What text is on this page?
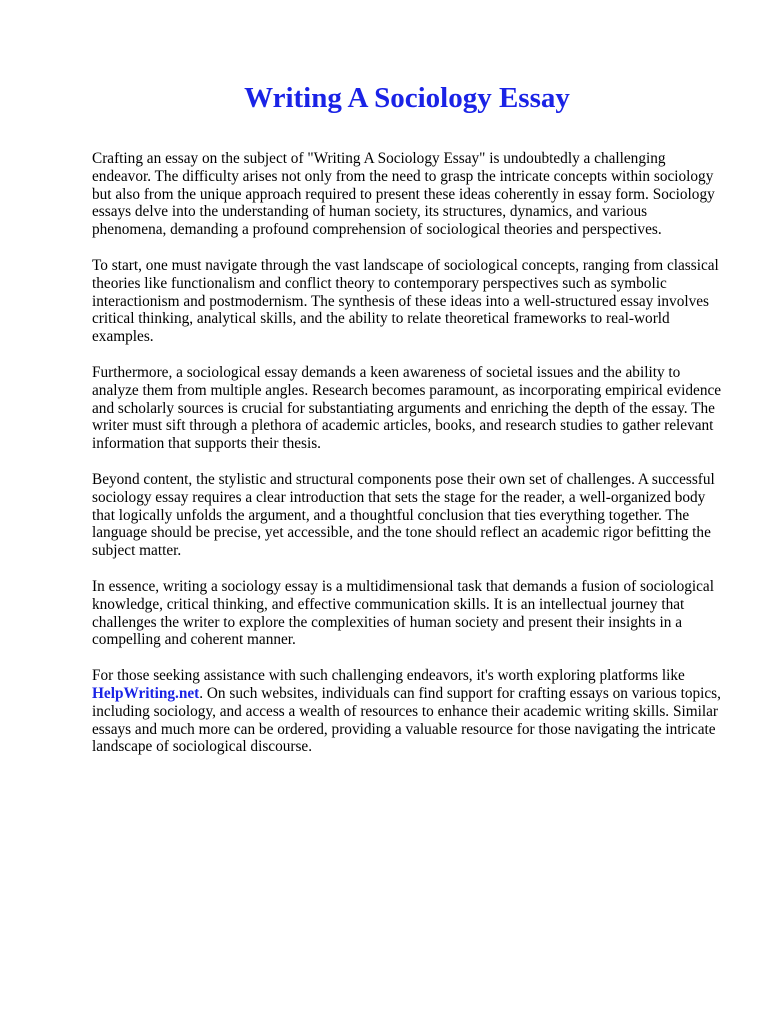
Writing A Sociology Essay

Crafting an essay on the subject of "Writing A Sociology Essay" is undoubtedly a challenging endeavor. The difficulty arises not only from the need to grasp the intricate concepts within sociology but also from the unique approach required to present these ideas coherently in essay form. Sociology essays delve into the understanding of human society, its structures, dynamics, and various phenomena, demanding a profound comprehension of sociological theories and perspectives.

To start, one must navigate through the vast landscape of sociological concepts, ranging from classical theories like functionalism and conflict theory to contemporary perspectives such as symbolic interactionism and postmodernism. The synthesis of these ideas into a well-structured essay involves critical thinking, analytical skills, and the ability to relate theoretical frameworks to real-world examples.

Furthermore, a sociological essay demands a keen awareness of societal issues and the ability to analyze them from multiple angles. Research becomes paramount, as incorporating empirical evidence and scholarly sources is crucial for substantiating arguments and enriching the depth of the essay. The writer must sift through a plethora of academic articles, books, and research studies to gather relevant information that supports their thesis.

Beyond content, the stylistic and structural components pose their own set of challenges. A successful sociology essay requires a clear introduction that sets the stage for the reader, a well-organized body that logically unfolds the argument, and a thoughtful conclusion that ties everything together. The language should be precise, yet accessible, and the tone should reflect an academic rigor befitting the subject matter.

In essence, writing a sociology essay is a multidimensional task that demands a fusion of sociological knowledge, critical thinking, and effective communication skills. It is an intellectual journey that challenges the writer to explore the complexities of human society and present their insights in a compelling and coherent manner.

For those seeking assistance with such challenging endeavors, it's worth exploring platforms like HelpWriting.net. On such websites, individuals can find support for crafting essays on various topics, including sociology, and access a wealth of resources to enhance their academic writing skills. Similar essays and much more can be ordered, providing a valuable resource for those navigating the intricate landscape of sociological discourse.
